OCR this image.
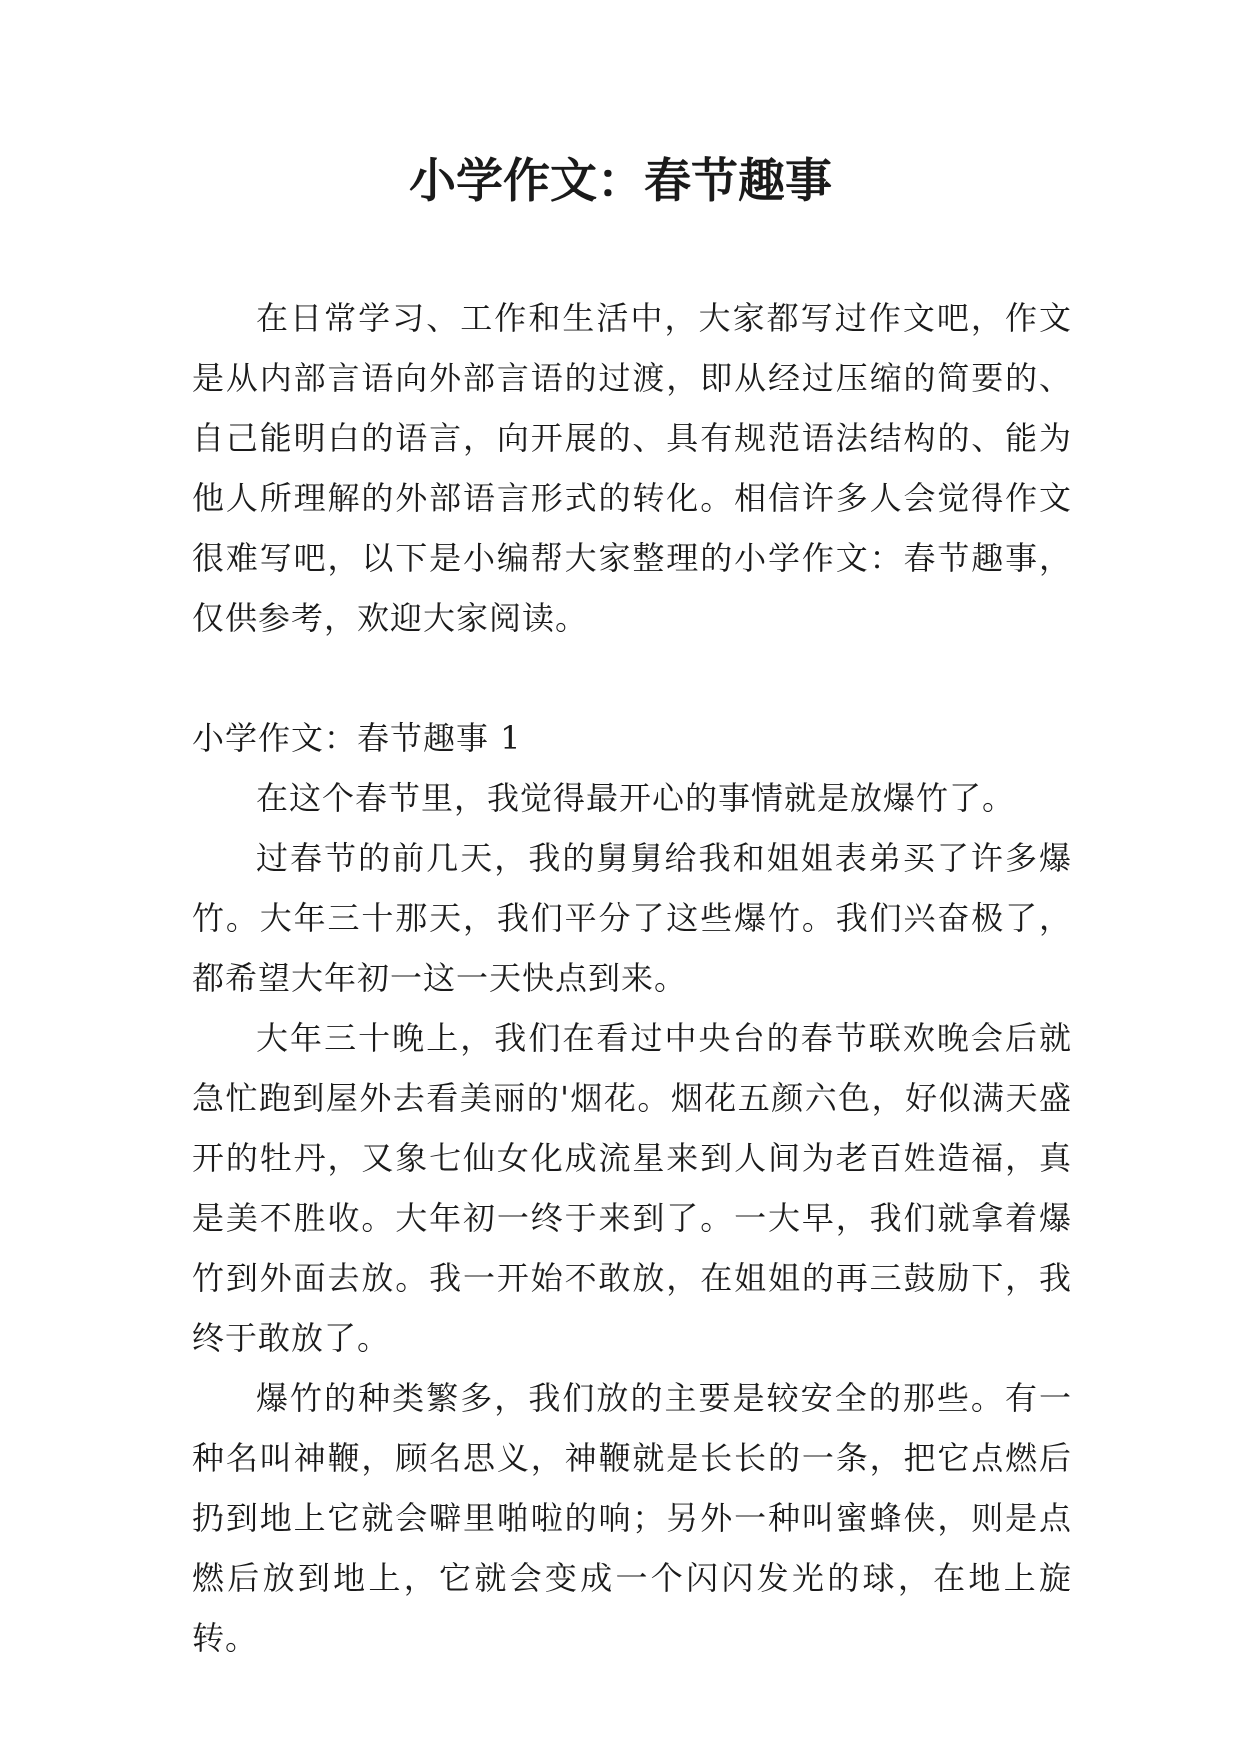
小学作文：春节趣事

在日常学习、工作和生活中，大家都写过作文吧，作文是从内部言语向外部言语的过渡，即从经过压缩的简要的、自己能明白的语言，向开展的、具有规范语法结构的、能为他人所理解的外部语言形式的转化。相信许多人会觉得作文很难写吧，以下是小编帮大家整理的小学作文：春节趣事，仅供参考，欢迎大家阅读。

小学作文：春节趣事 1

在这个春节里，我觉得最开心的事情就是放爆竹了。

过春节的前几天，我的舅舅给我和姐姐表弟买了许多爆竹。大年三十那天，我们平分了这些爆竹。我们兴奋极了，都希望大年初一这一天快点到来。

大年三十晚上，我们在看过中央台的春节联欢晚会后就急忙跑到屋外去看美丽的'烟花。烟花五颜六色，好似满天盛开的牡丹，又象七仙女化成流星来到人间为老百姓造福，真是美不胜收。大年初一终于来到了。一大早，我们就拿着爆竹到外面去放。我一开始不敢放，在姐姐的再三鼓励下，我终于敢放了。

爆竹的种类繁多，我们放的主要是较安全的那些。有一种名叫神鞭，顾名思义，神鞭就是长长的一条，把它点燃后扔到地上它就会噼里啪啦的响；另外一种叫蜜蜂侠，则是点燃后放到地上，它就会变成一个闪闪发光的球，在地上旋转。
